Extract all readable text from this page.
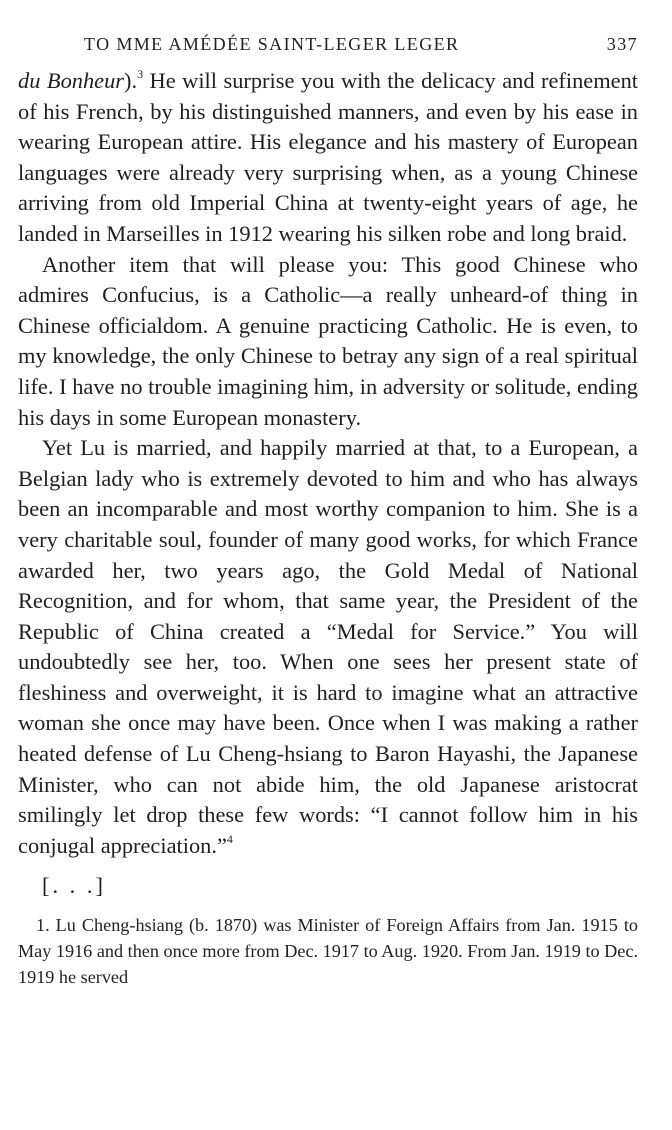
TO MME AMÉDÉE SAINT-LEGER LEGER	337

du Bonheur).$^3$ He will surprise you with the delicacy and refinement of his French, by his distinguished manners, and even by his ease in wearing European attire. His elegance and his mastery of European languages were already very surprising when, as a young Chinese arriving from old Imperial China at twenty-eight years of age, he landed in Marseilles in 1912 wearing his silken robe and long braid.

Another item that will please you: This good Chinese who admires Confucius, is a Catholic—a really unheard-of thing in Chinese officialdom. A genuine practicing Catholic. He is even, to my knowledge, the only Chinese to betray any sign of a real spiritual life. I have no trouble imagining him, in adversity or solitude, ending his days in some European monastery.

Yet Lu is married, and happily married at that, to a European, a Belgian lady who is extremely devoted to him and who has always been an incomparable and most worthy companion to him. She is a very charitable soul, founder of many good works, for which France awarded her, two years ago, the Gold Medal of National Recognition, and for whom, that same year, the President of the Republic of China created a “Medal for Service.” You will undoubtedly see her, too. When one sees her present state of fleshiness and overweight, it is hard to imagine what an attractive woman she once may have been. Once when I was making a rather heated defense of Lu Cheng-hsiang to Baron Hayashi, the Japanese Minister, who can not abide him, the old Japanese aristocrat smilingly let drop these few words: “I cannot follow him in his conjugal appreciation.”$^4$

[. . .]
1. Lu Cheng-hsiang (b. 1870) was Minister of Foreign Affairs from Jan. 1915 to May 1916 and then once more from Dec. 1917 to Aug. 1920. From Jan. 1919 to Dec. 1919 he served
